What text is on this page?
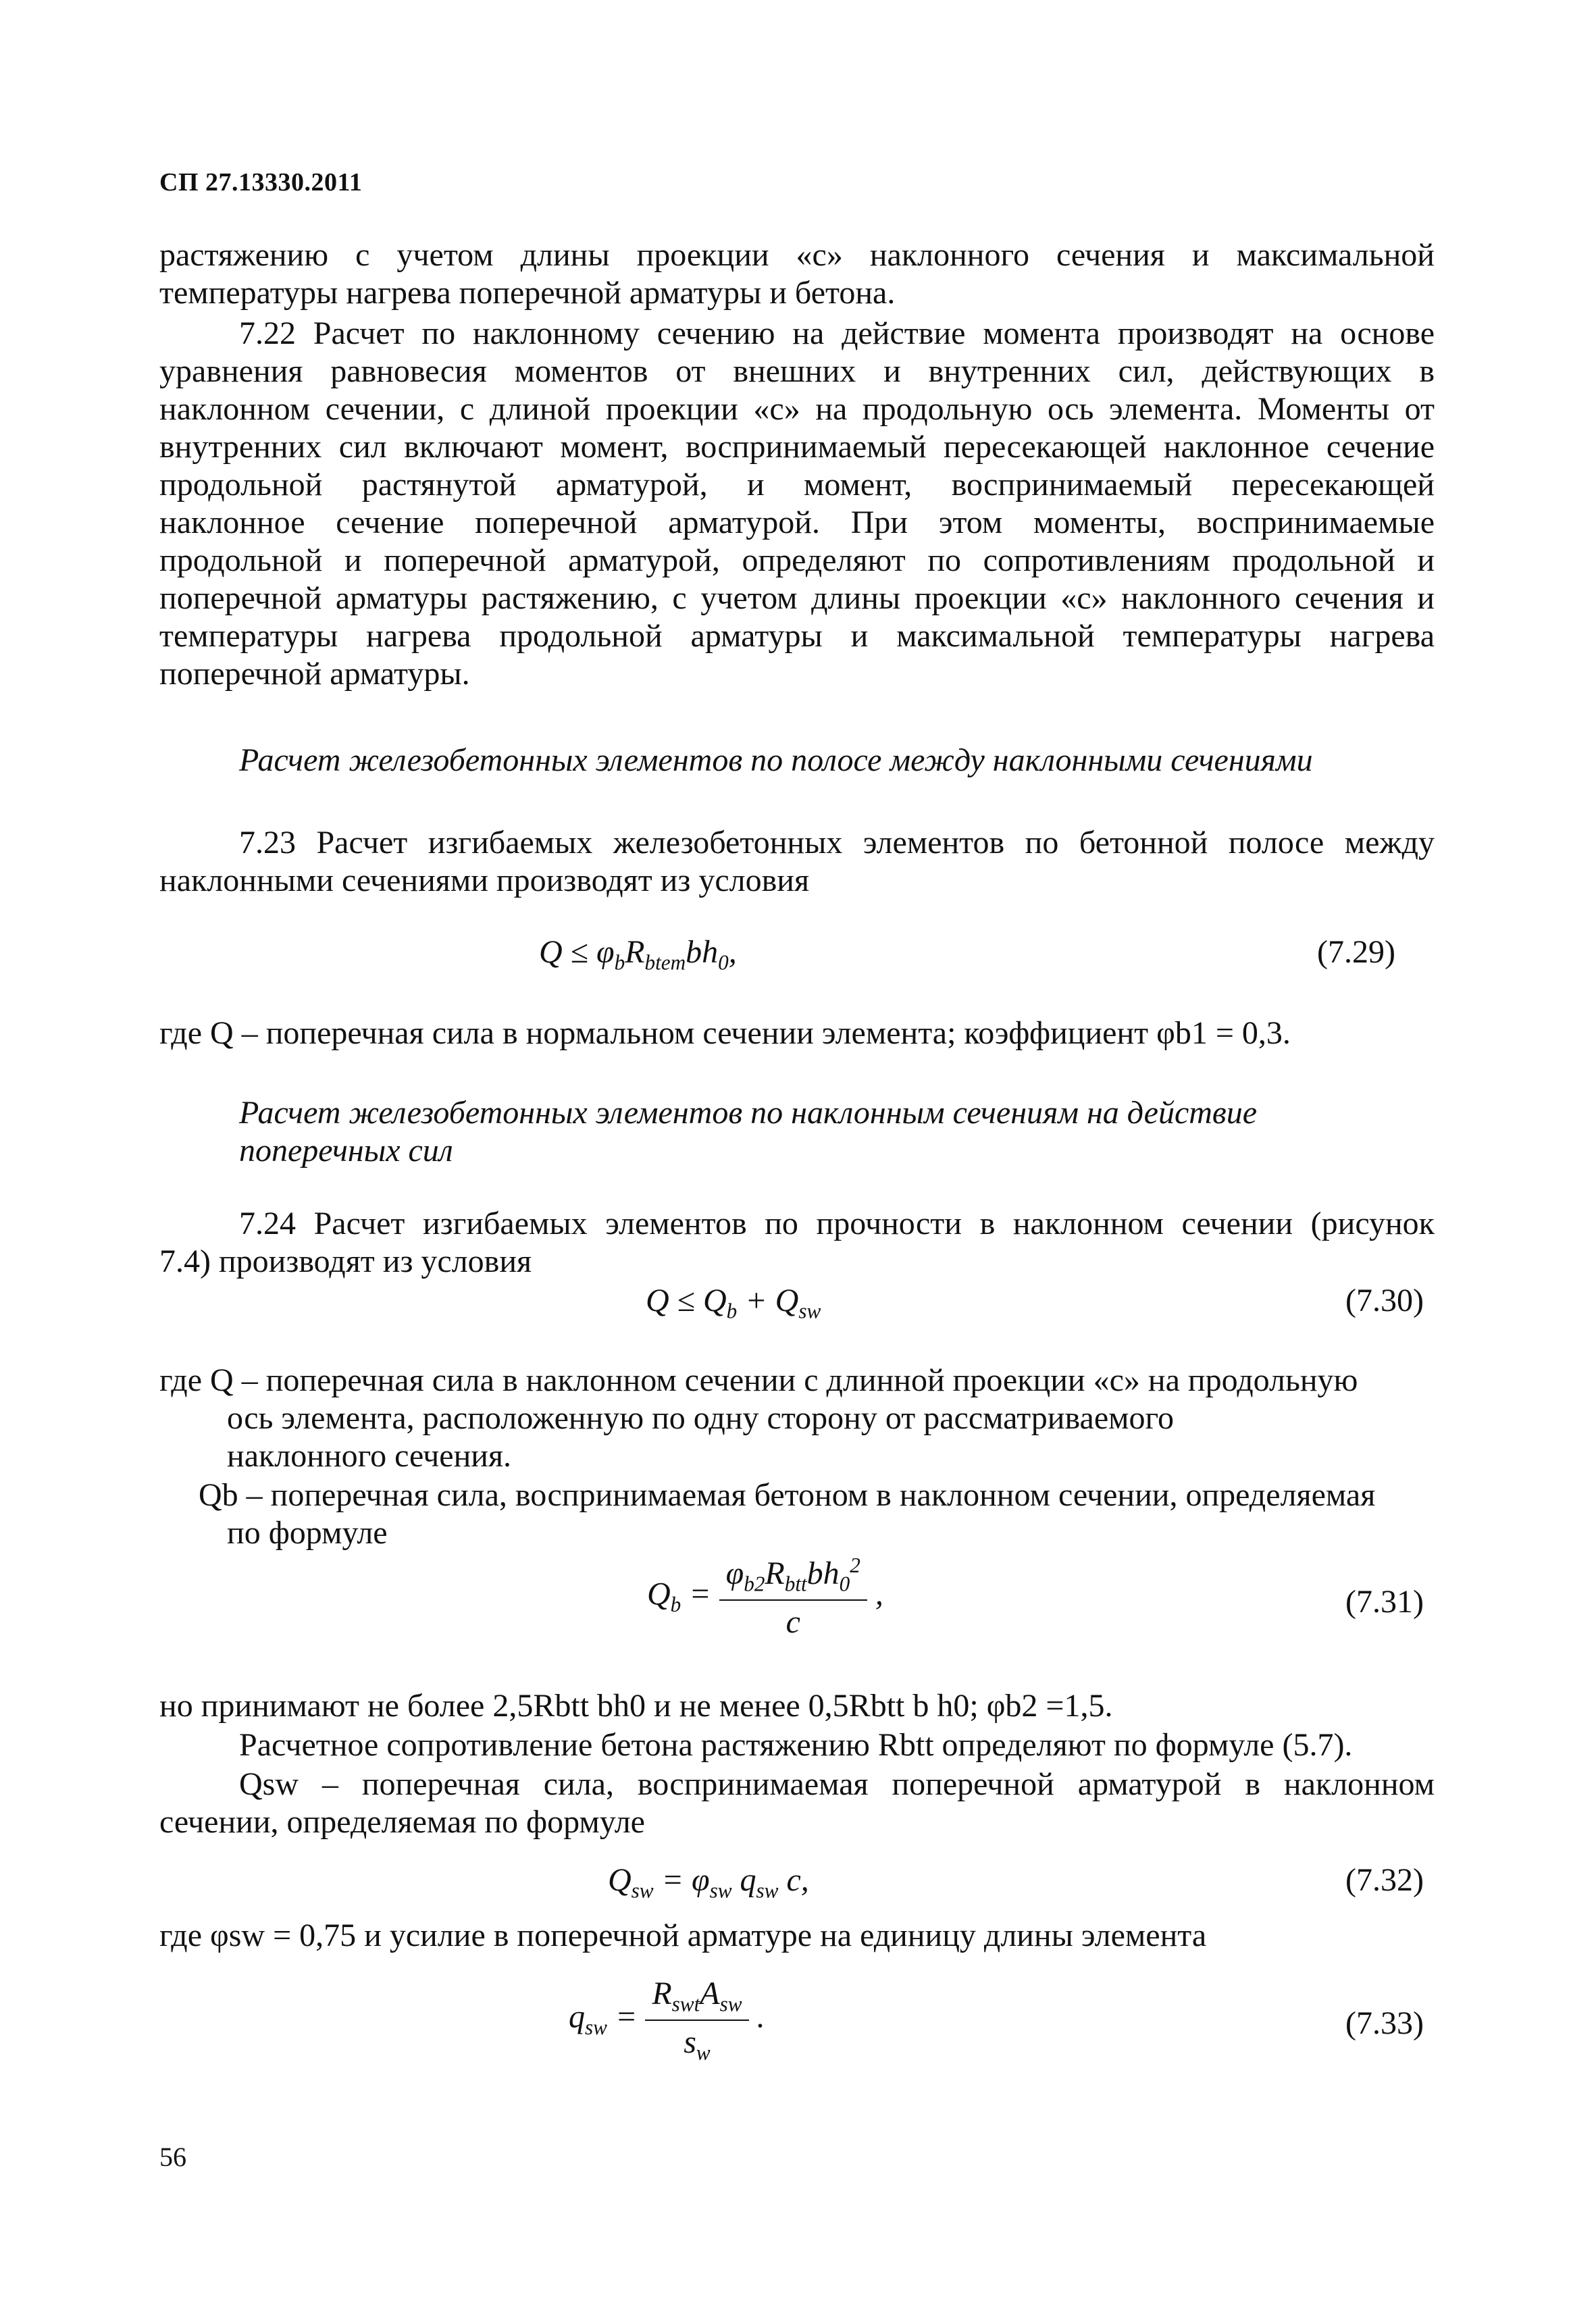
СП 27.13330.2011
растяжению с учетом длины проекции «с» наклонного сечения и максимальной
температуры нагрева поперечной арматуры и бетона.
7.22 Расчет по наклонному сечению на действие момента производят на основе
уравнения равновесия моментов от внешних и внутренних сил, действующих в
наклонном сечении, с длиной проекции «с» на продольную ось элемента. Моменты от
внутренних сил включают момент, воспринимаемый пересекающей наклонное сечение
продольной растянутой арматурой, и момент, воспринимаемый пересекающей
наклонное сечение поперечной арматурой. При этом моменты, воспринимаемые
продольной и поперечной арматурой, определяют по сопротивлениям продольной и
поперечной арматуры растяжению, с учетом длины проекции «с» наклонного сечения и
температуры нагрева продольной арматуры и максимальной температуры нагрева
поперечной арматуры.
Расчет железобетонных элементов по полосе между наклонными сечениями
7.23 Расчет изгибаемых железобетонных элементов по бетонной полосе между
наклонными сечениями производят из условия
$Q \le \varphi_bR_{btem}bh_0$,	(7.29)
где Q – поперечная сила в нормальном сечении элемента; коэффициент φb1 = 0,3.
Расчет железобетонных элементов по наклонным сечениям на действие
поперечных сил
7.24 Расчет изгибаемых элементов по прочности в наклонном сечении (рисунок
7.4) производят из условия
$Q \le Q_b + Q_{sw}$	(7.30)
где Q – поперечная сила в наклонном сечении с длинной проекции «с» на продольную
ось элемента, расположенную по одну сторону от рассматриваемого
наклонного сечения.
Qb – поперечная сила, воспринимаемая бетоном в наклонном сечении, определяемая
по формуле
$Q_b = \frac{\varphi_{b2}R_{btt}bh_0^2}{c}$ ,	(7.31)
но принимают не более 2,5Rbtt bh0 и не менее 0,5Rbtt b h0; φb2 =1,5.
Расчетное сопротивление бетона растяжению Rbtt определяют по формуле (5.7).
Qsw – поперечная сила, воспринимаемая поперечной арматурой в наклонном
сечении, определяемая по формуле
$Q_{sw} = \varphi_{sw}$ $q_{sw}$ c,	(7.32)
где φsw = 0,75 и усилие в поперечной арматуре на единицу длины элемента
$q_{sw} = \frac{R_{swt}A_{sw}}{s_w}$ .	(7.33)
56
